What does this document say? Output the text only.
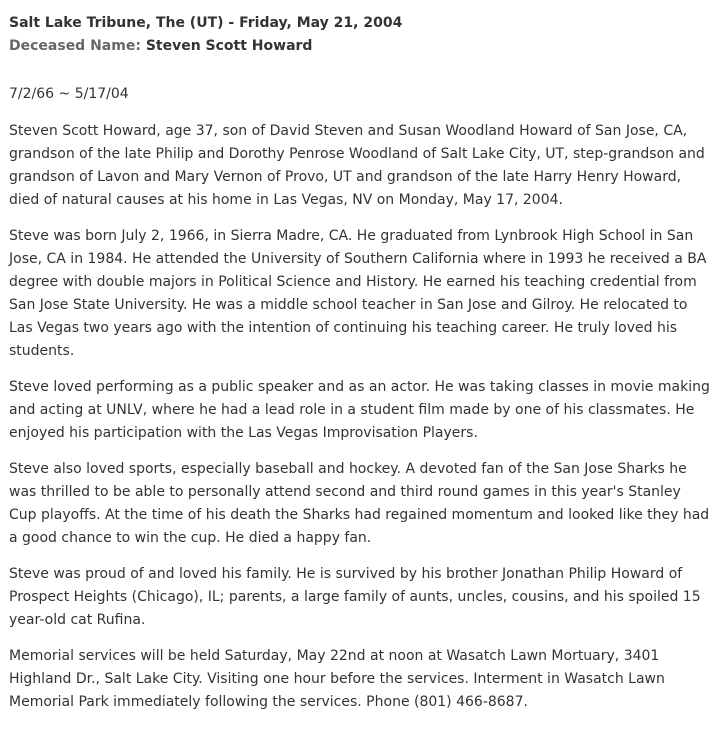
Salt Lake Tribune, The (UT) - Friday, May 21, 2004
Deceased Name: Steven Scott Howard
7/2/66 ~ 5/17/04

Steven Scott Howard, age 37, son of David Steven and Susan Woodland Howard of San Jose, CA, grandson of the late Philip and Dorothy Penrose Woodland of Salt Lake City, UT, step-grandson and grandson of Lavon and Mary Vernon of Provo, UT and grandson of the late Harry Henry Howard, died of natural causes at his home in Las Vegas, NV on Monday, May 17, 2004.

Steve was born July 2, 1966, in Sierra Madre, CA. He graduated from Lynbrook High School in San Jose, CA in 1984. He attended the University of Southern California where in 1993 he received a BA degree with double majors in Political Science and History. He earned his teaching credential from San Jose State University. He was a middle school teacher in San Jose and Gilroy. He relocated to Las Vegas two years ago with the intention of continuing his teaching career. He truly loved his students.

Steve loved performing as a public speaker and as an actor. He was taking classes in movie making and acting at UNLV, where he had a lead role in a student film made by one of his classmates. He enjoyed his participation with the Las Vegas Improvisation Players.

Steve also loved sports, especially baseball and hockey. A devoted fan of the San Jose Sharks he was thrilled to be able to personally attend second and third round games in this year's Stanley Cup playoffs. At the time of his death the Sharks had regained momentum and looked like they had a good chance to win the cup. He died a happy fan.

Steve was proud of and loved his family. He is survived by his brother Jonathan Philip Howard of Prospect Heights (Chicago), IL; parents, a large family of aunts, uncles, cousins, and his spoiled 15 year-old cat Rufina.

Memorial services will be held Saturday, May 22nd at noon at Wasatch Lawn Mortuary, 3401 Highland Dr., Salt Lake City. Visiting one hour before the services. Interment in Wasatch Lawn Memorial Park immediately following the services. Phone (801) 466-8687.
